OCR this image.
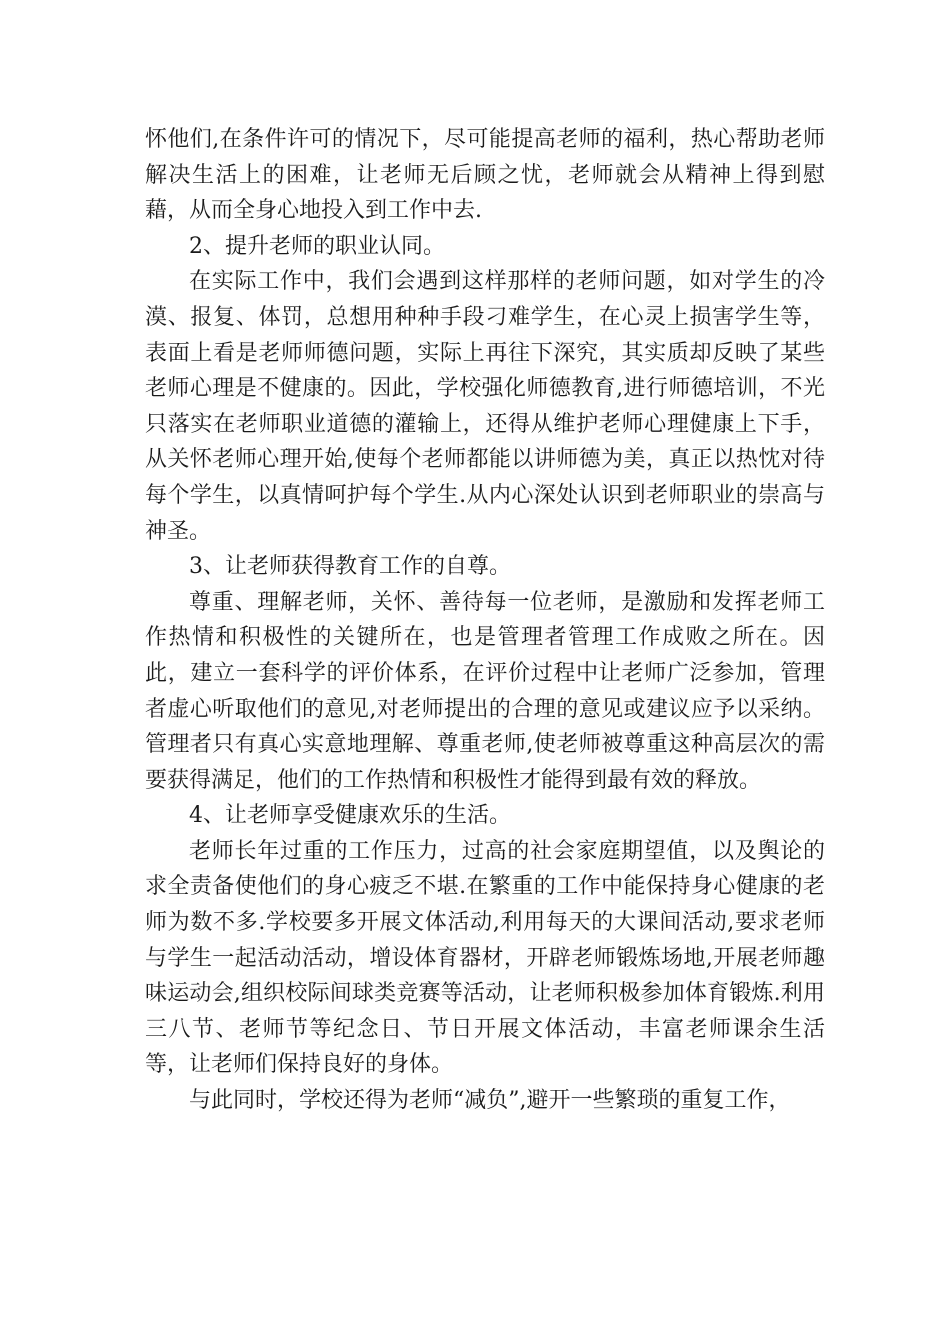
怀他们,在条件许可的情况下，尽可能提高老师的福利，热心帮助老师解决生活上的困难，让老师无后顾之忧，老师就会从精神上得到慰藉，从而全身心地投入到工作中去.

2、提升老师的职业认同。

在实际工作中，我们会遇到这样那样的老师问题，如对学生的冷漠、报复、体罚，总想用种种手段刁难学生，在心灵上损害学生等，表面上看是老师师德问题，实际上再往下深究，其实质却反映了某些老师心理是不健康的。因此，学校强化师德教育,进行师德培训，不光只落实在老师职业道德的灌输上，还得从维护老师心理健康上下手，从关怀老师心理开始,使每个老师都能以讲师德为美，真正以热忱对待每个学生，以真情呵护每个学生.从内心深处认识到老师职业的崇高与神圣。

3、让老师获得教育工作的自尊。

尊重、理解老师，关怀、善待每一位老师，是激励和发挥老师工作热情和积极性的关键所在，也是管理者管理工作成败之所在。因此，建立一套科学的评价体系，在评价过程中让老师广泛参加，管理者虚心听取他们的意见,对老师提出的合理的意见或建议应予以采纳。管理者只有真心实意地理解、尊重老师,使老师被尊重这种高层次的需要获得满足，他们的工作热情和积极性才能得到最有效的释放。

4、让老师享受健康欢乐的生活。

老师长年过重的工作压力，过高的社会家庭期望值，以及舆论的求全责备使他们的身心疲乏不堪.在繁重的工作中能保持身心健康的老师为数不多.学校要多开展文体活动,利用每天的大课间活动,要求老师与学生一起活动活动，增设体育器材，开辟老师锻炼场地,开展老师趣味运动会,组织校际间球类竞赛等活动，让老师积极参加体育锻炼.利用三八节、老师节等纪念日、节日开展文体活动，丰富老师课余生活等，让老师们保持良好的身体。

与此同时，学校还得为老师“减负”,避开一些繁琐的重复工作，
